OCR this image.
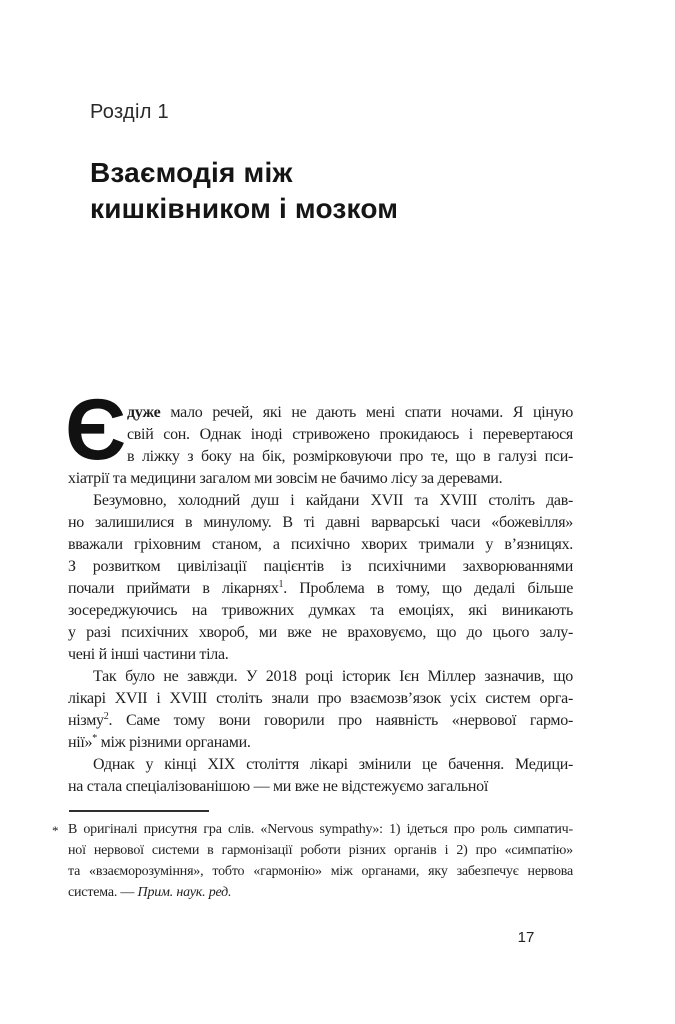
Розділ 1
Взаємодія між
кишківником і мозком
Є дуже мало речей, які не дають мені спати ночами. Я ціную
свій сон. Однак іноді стривожено прокидаюсь і перевертаюся
в ліжку з боку на бік, розмірковуючи про те, що в галузі пси-
хіатрії та медицини загалом ми зовсім не бачимо лісу за деревами.
Безумовно, холодний душ і кайдани XVII та XVIII століть дав-
но залишилися в минулому. В ті давні варварські часи «божевілля»
вважали гріховним станом, а психічно хворих тримали у в’язницях.
З розвитком цивілізації пацієнтів із психічними захворюваннями
почали приймати в лікарнях$^1$. Проблема в тому, що дедалі більше
зосереджуючись на тривожних думках та емоціях, які виникають
у разі психічних хвороб, ми вже не враховуємо, що до цього залу-
чені й інші частини тіла.
Так було не завжди. У 2018 році історик Ієн Міллер зазначив, що
лікарі XVII і XVIII століть знали про взаємозв’язок усіх систем орга-
нізму$^2$. Саме тому вони говорили про наявність «нервової гармо-
нії»* між різними органами.
Однак у кінці XIX століття лікарі змінили це бачення. Медици-
на стала спеціалізованішою — ми вже не відстежуємо загальної
* В оригіналі присутня гра слів. «Nervous sympathy»: 1) ідеться про роль симпатич-
ної нервової системи в гармонізації роботи різних органів і 2) про «симпатію»
та «взаєморозуміння», тобто «гармонію» між органами, яку забезпечує нервова
система. — Прим. наук. ред.
17
